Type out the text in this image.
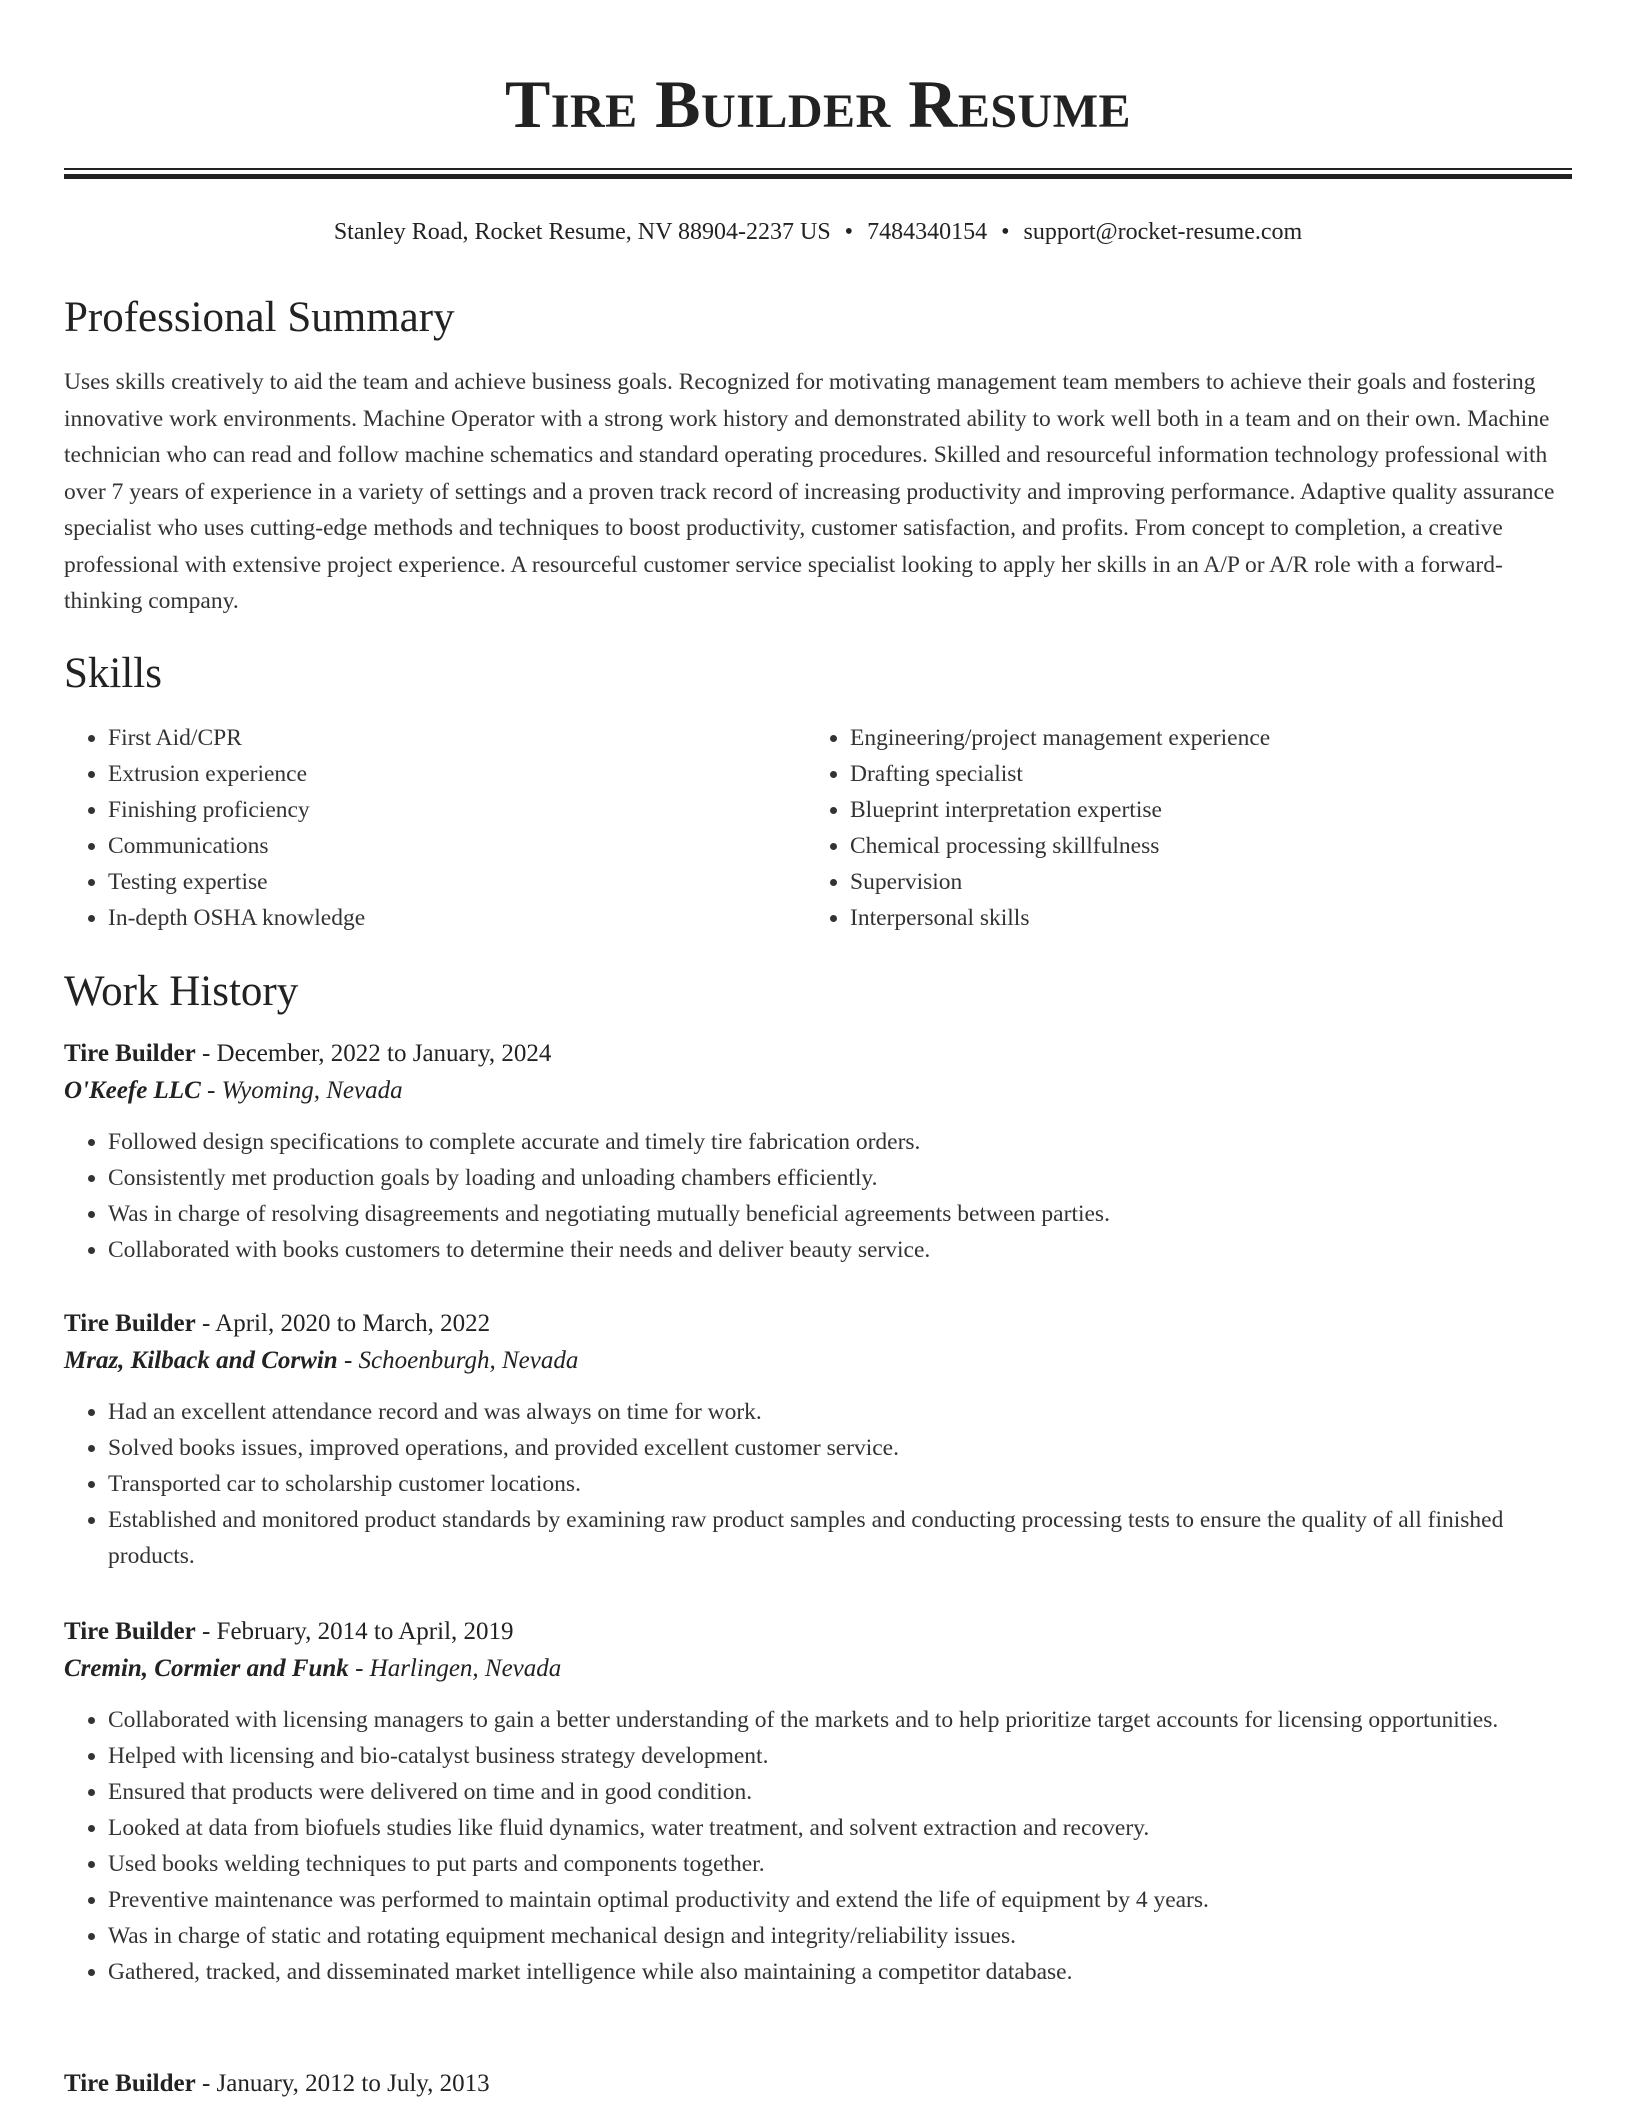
Tire Builder Resume
Stanley Road, Rocket Resume, NV 88904-2237 US • 7484340154 • support@rocket-resume.com
Professional Summary

Uses skills creatively to aid the team and achieve business goals. Recognized for motivating management team members to achieve their goals and fostering innovative work environments. Machine Operator with a strong work history and demonstrated ability to work well both in a team and on their own. Machine technician who can read and follow machine schematics and standard operating procedures. Skilled and resourceful information technology professional with over 7 years of experience in a variety of settings and a proven track record of increasing productivity and improving performance. Adaptive quality assurance specialist who uses cutting-edge methods and techniques to boost productivity, customer satisfaction, and profits. From concept to completion, a creative professional with extensive project experience. A resourceful customer service specialist looking to apply her skills in an A/P or A/R role with a forward-thinking company.

Skills
• First Aid/CPR
• Extrusion experience
• Finishing proficiency
• Communications
• Testing expertise
• In-depth OSHA knowledge
• Engineering/project management experience
• Drafting specialist
• Blueprint interpretation expertise
• Chemical processing skillfulness
• Supervision
• Interpersonal skills
Work History
Tire Builder - December, 2022 to January, 2024
O'Keefe LLC - Wyoming, Nevada
• Followed design specifications to complete accurate and timely tire fabrication orders.
• Consistently met production goals by loading and unloading chambers efficiently.
• Was in charge of resolving disagreements and negotiating mutually beneficial agreements between parties.
• Collaborated with books customers to determine their needs and deliver beauty service.
Tire Builder - April, 2020 to March, 2022
Mraz, Kilback and Corwin - Schoenburgh, Nevada
• Had an excellent attendance record and was always on time for work.
• Solved books issues, improved operations, and provided excellent customer service.
• Transported car to scholarship customer locations.
• Established and monitored product standards by examining raw product samples and conducting processing tests to ensure the quality of all finished products.
Tire Builder - February, 2014 to April, 2019
Cremin, Cormier and Funk - Harlingen, Nevada
• Collaborated with licensing managers to gain a better understanding of the markets and to help prioritize target accounts for licensing opportunities.
• Helped with licensing and bio-catalyst business strategy development.
• Ensured that products were delivered on time and in good condition.
• Looked at data from biofuels studies like fluid dynamics, water treatment, and solvent extraction and recovery.
• Used books welding techniques to put parts and components together.
• Preventive maintenance was performed to maintain optimal productivity and extend the life of equipment by 4 years.
• Was in charge of static and rotating equipment mechanical design and integrity/reliability issues.
• Gathered, tracked, and disseminated market intelligence while also maintaining a competitor database.
Tire Builder - January, 2012 to July, 2013
